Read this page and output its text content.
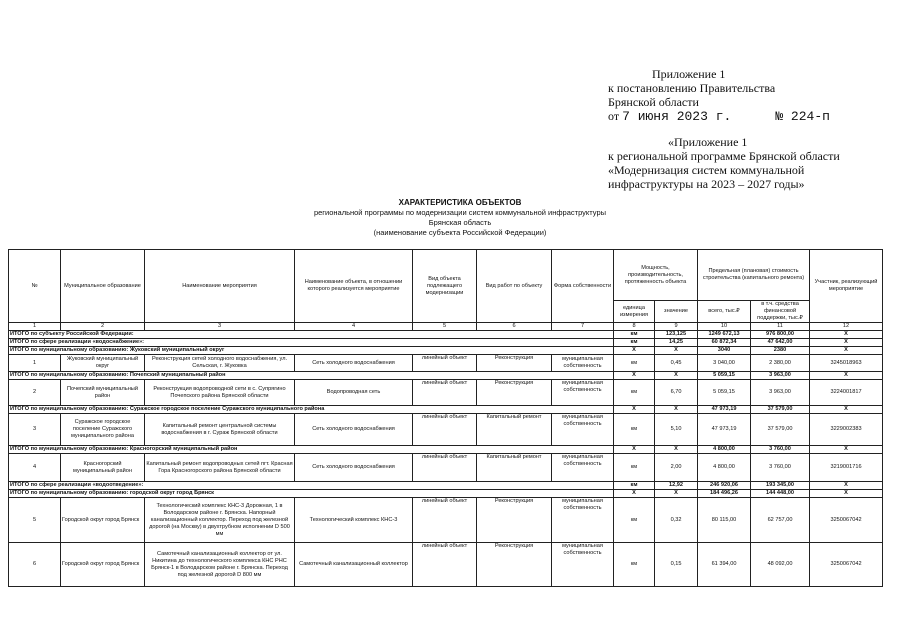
Приложение 1
к постановлению Правительства
Брянской области
от
7 июня 2023 г.	№ 224-п
«Приложение 1
к региональной программе Брянской области
«Модернизация систем коммунальной
инфраструктуры на 2023 – 2027 годы»
ХАРАКТЕРИСТИКА ОБЪЕКТОВ
региональной программы по модернизации систем коммунальной инфраструктуры
Брянская область
(наименование субъекта Российской Федерации)
№	Муниципальное образование	Наименование мероприятия	Наименование объекта, в отношении которого реализуется мероприятие	Вид объекта подлежащего модернизации	Вид работ по объекту	Форма собственности	Мощность, производительность, протяженность объекта		Предельная (плановая) стоимость строительства (капитального ремонта)		Участник, реализующий мероприятие
							единица измерения	значение	всего, тыс.₽	в т.ч. средства финансовой поддержки, тыс.₽	
1	2	3	4	5	6	7	8	9	10	11	12
ИТОГО по субъекту Российской Федерации:							км	123,125	1249 672,13	976 800,00	X
ИТОГО по сфере реализации «водоснабжение»:							км	14,25	60 872,34	47 642,00	X
ИТОГО по муниципальному образованию: Жуковский муниципальный округ							X	X	3040	2380	X
1	Жуковский муниципальный округ	Реконструкция сетей холодного водоснабжения, ул. Сельская, г. Жуковка	Сеть холодного водоснабжения	линейный объект	Реконструкция	муниципальная собственность	км	0,45	3 040,00	2 380,00	3245018963
ИТОГО по муниципальному образованию: Почепский муниципальный район							X	X	5 059,15	3 963,00	X
2	Почепский муниципальный район	Реконструкция водопроводной сети в с. Супрягино Почепского района Брянской области	Водопроводная сеть	линейный объект	Реконструкция	муниципальная собственность	км	6,70	5 059,15	3 963,00	3224001817
ИТОГО по муниципальному образованию: Суражское городское поселение Суражского муниципального района							X	X	47 973,19	37 579,00	X
3	Суражское городское поселение Суражского муниципального района	Капитальный ремонт центральной системы водоснабжения в г. Сураж Брянской области	Сеть холодного водоснабжения	линейный объект	Капитальный ремонт	муниципальная собственность	км	5,10	47 973,19	37 579,00	3229002383
ИТОГО по муниципальному образованию: Красногорский муниципальный район							X	X	4 800,00	3 760,00	X
4	Красногорский муниципальный район	Капитальный ремонт водопроводных сетей пгт. Красная Гора Красногорского района Брянской области	Сеть холодного водоснабжения	линейный объект	Капитальный ремонт	муниципальная собственность	км	2,00	4 800,00	3 760,00	3219001716
ИТОГО по сфере реализации «водоотведение»:							км	12,92	246 920,06	193 345,00	X
ИТОГО по муниципальному образованию: городской округ город Брянск							X	X	184 496,26	144 448,00	X
5	Городской округ город Брянск	Технологический комплекс КНС-3 Дорожная, 1 в Володарском районе г. Брянска. Напорный канализационный коллектор. Переход под железной дорогой (на Москву) в двухтрубном исполнении D 500 мм	Технологический комплекс КНС-3	линейный объект	Реконструкция	муниципальная собственность	км	0,32	80 115,00	62 757,00	3250067042
6	Городской округ город Брянск	Самотечный канализационный коллектор от ул. Никитина до технологического комплекса КНС РНС Брянск-1 в Володарском районе г. Брянска. Переход под железной дорогой D 800 мм	Самотечный канализационный коллектор	линейный объект	Реконструкция	муниципальная собственность	км	0,15	61 394,00	48 092,00	3250067042
